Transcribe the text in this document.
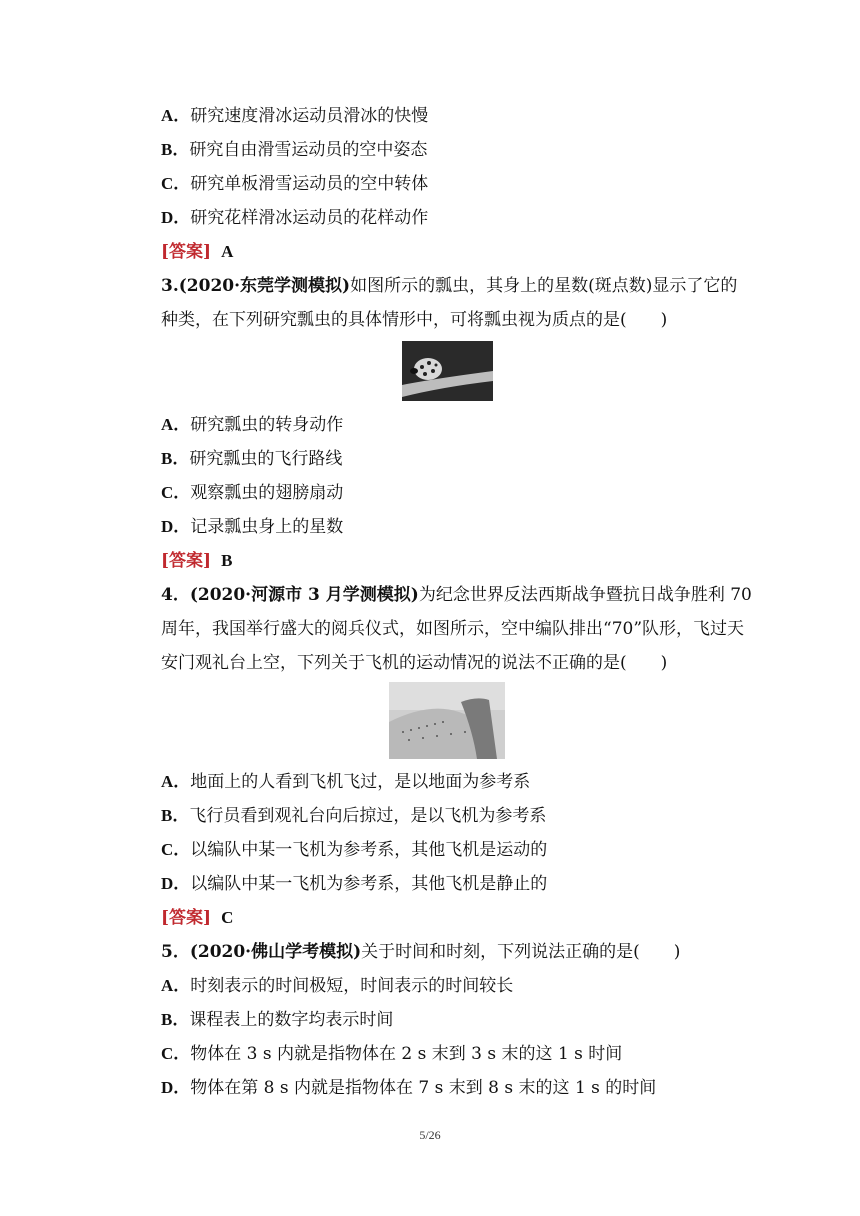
A．研究速度滑冰运动员滑冰的快慢
B．研究自由滑雪运动员的空中姿态
C．研究单板滑雪运动员的空中转体
D．研究花样滑冰运动员的花样动作
[答案] A
3.(2020·东莞学测模拟)如图所示的瓢虫，其身上的星数(斑点数)显示了它的
种类，在下列研究瓢虫的具体情形中，可将瓢虫视为质点的是(　　)
A．研究瓢虫的转身动作
B．研究瓢虫的飞行路线
C．观察瓢虫的翅膀扇动
D．记录瓢虫身上的星数
[答案] B
4．(2020·河源市 3 月学测模拟)为纪念世界反法西斯战争暨抗日战争胜利 70
周年，我国举行盛大的阅兵仪式，如图所示，空中编队排出“70”队形，飞过天
安门观礼台上空，下列关于飞机的运动情况的说法不正确的是(　　)
A．地面上的人看到飞机飞过，是以地面为参考系
B．飞行员看到观礼台向后掠过，是以飞机为参考系
C．以编队中某一飞机为参考系，其他飞机是运动的
D．以编队中某一飞机为参考系，其他飞机是静止的
[答案] C
5．(2020·佛山学考模拟)关于时间和时刻，下列说法正确的是(　　)
A．时刻表示的时间极短，时间表示的时间较长
B．课程表上的数字均表示时间
C．物体在 3 s 内就是指物体在 2 s 末到 3 s 末的这 1 s 时间
D．物体在第 8 s 内就是指物体在 7 s 末到 8 s 末的这 1 s 的时间
5/26
